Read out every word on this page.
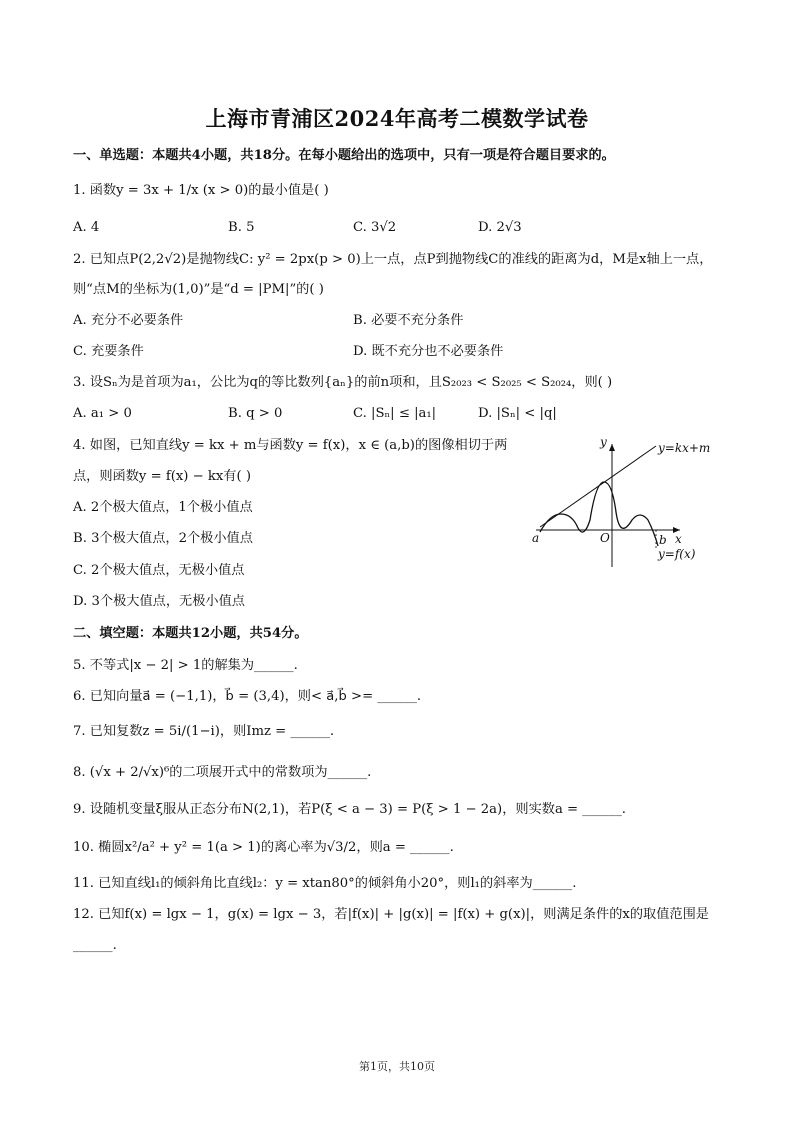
上海市青浦区2024年高考二模数学试卷
一、单选题：本题共4小题，共18分。在每小题给出的选项中，只有一项是符合题目要求的。
1. 函数y = 3x + 1/x (x > 0)的最小值是( )
A. 4	B. 5	C. 3√2	D. 2√3
2. 已知点P(2,2√2)是抛物线C: y² = 2px(p > 0)上一点，点P到抛物线C的准线的距离为d，M是x轴上一点，
则“点M的坐标为(1,0)”是“d = |PM|”的( )
A. 充分不必要条件	B. 必要不充分条件
C. 充要条件	D. 既不充分也不必要条件
3. 设Sₙ为是首项为a₁，公比为q的等比数列{aₙ}的前n项和，且S₂₀₂₃ < S₂₀₂₅ < S₂₀₂₄，则( )
A. a₁ > 0	B. q > 0	C. |Sₙ| ≤ |a₁|	D. |Sₙ| < |q|
4. 如图，已知直线y = kx + m与函数y = f(x)，x ∈ (a,b)的图像相切于两
点，则函数y = f(x) − kx有( )
A. 2个极大值点，1个极小值点
B. 3个极大值点，2个极小值点
C. 2个极大值点，无极小值点
D. 3个极大值点，无极小值点
y
x
O
a	b
y=kx+m
y=f(x)
二、填空题：本题共12小题，共54分。
5. 不等式|x − 2| > 1的解集为______.
6. 已知向量a⃗ = (−1,1)，b⃗ = (3,4)，则< a⃗,b⃗ >= ______.
7. 已知复数z = 5i/(1−i)，则Imz = ______.
8. (√x + 2/√x)⁶的二项展开式中的常数项为______.
9. 设随机变量ξ服从正态分布N(2,1)，若P(ξ < a − 3) = P(ξ > 1 − 2a)，则实数a = ______.
10. 椭圆x²/a² + y² = 1(a > 1)的离心率为√3/2，则a = ______.
11. 已知直线l₁的倾斜角比直线l₂：y = xtan80°的倾斜角小20°，则l₁的斜率为______.
12. 已知f(x) = lgx − 1，g(x) = lgx − 3，若|f(x)| + |g(x)| = |f(x) + g(x)|，则满足条件的x的取值范围是
______.
第1页，共10页
